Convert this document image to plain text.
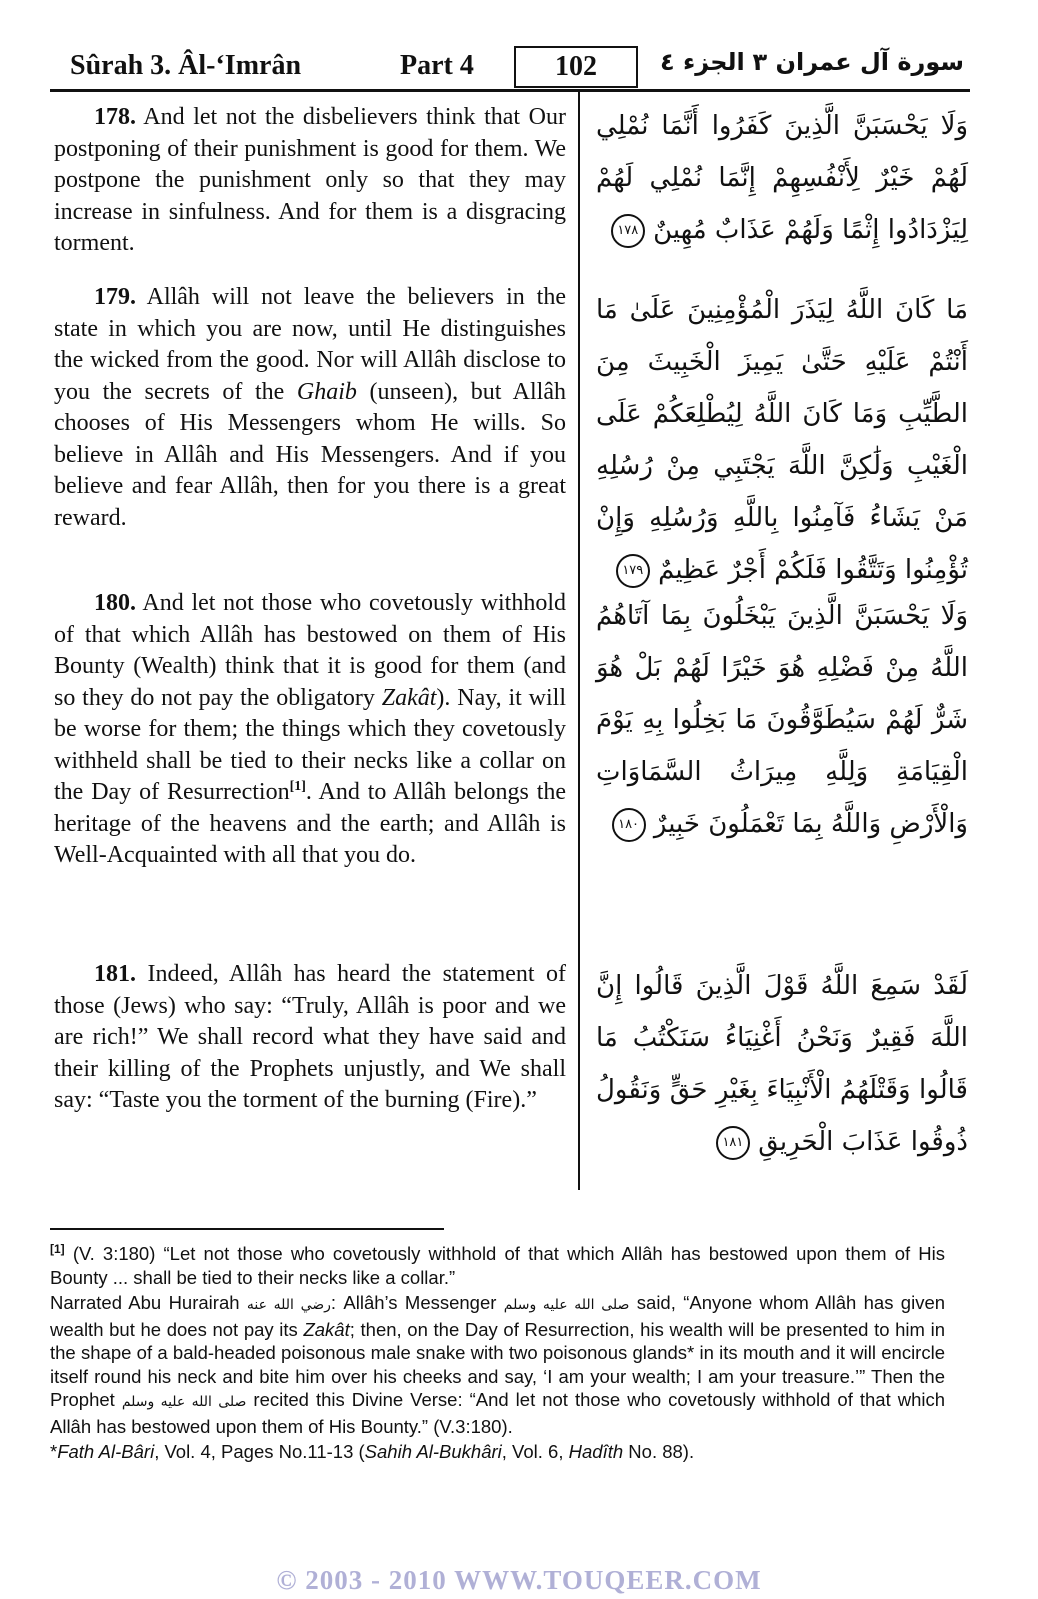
Sûrah 3. Âl-‘Imrân	Part 4	102	الجزء ٤ سورة آل عمران ٣
178. And let not the disbelievers think that Our postponing of their punishment is good for them. We postpone the punishment only so that they may increase in sinfulness. And for them is a disgracing torment.
وَلَا يَحْسَبَنَّ الَّذِينَ كَفَرُوا أَنَّمَا نُمْلِي لَهُمْ خَيْرٌ لِأَنْفُسِهِمْ إِنَّمَا نُمْلِي لَهُمْ لِيَزْدَادُوا إِثْمًا وَلَهُمْ عَذَابٌ مُهِينٌ ١٧٨
179. Allâh will not leave the believers in the state in which you are now, until He distinguishes the wicked from the good. Nor will Allâh disclose to you the secrets of the Ghaib (unseen), but Allâh chooses of His Messengers whom He wills. So believe in Allâh and His Messengers. And if you believe and fear Allâh, then for you there is a great reward.
مَا كَانَ اللَّهُ لِيَذَرَ الْمُؤْمِنِينَ عَلَىٰ مَا أَنْتُمْ عَلَيْهِ حَتَّىٰ يَمِيزَ الْخَبِيثَ مِنَ الطَّيِّبِ وَمَا كَانَ اللَّهُ لِيُطْلِعَكُمْ عَلَى الْغَيْبِ وَلَٰكِنَّ اللَّهَ يَجْتَبِي مِنْ رُسُلِهِ مَنْ يَشَاءُ فَآمِنُوا بِاللَّهِ وَرُسُلِهِ وَإِنْ تُؤْمِنُوا وَتَتَّقُوا فَلَكُمْ أَجْرٌ عَظِيمٌ ١٧٩
180. And let not those who covetously withhold of that which Allâh has bestowed on them of His Bounty (Wealth) think that it is good for them (and so they do not pay the obligatory Zakât). Nay, it will be worse for them; the things which they covetously withheld shall be tied to their necks like a collar on the Day of Resurrection[1]. And to Allâh belongs the heritage of the heavens and the earth; and Allâh is Well-Acquainted with all that you do.
وَلَا يَحْسَبَنَّ الَّذِينَ يَبْخَلُونَ بِمَا آتَاهُمُ اللَّهُ مِنْ فَضْلِهِ هُوَ خَيْرًا لَهُمْ بَلْ هُوَ شَرٌّ لَهُمْ سَيُطَوَّقُونَ مَا بَخِلُوا بِهِ يَوْمَ الْقِيَامَةِ وَلِلَّهِ مِيرَاثُ السَّمَاوَاتِ وَالْأَرْضِ وَاللَّهُ بِمَا تَعْمَلُونَ خَبِيرٌ ١٨٠
181. Indeed, Allâh has heard the statement of those (Jews) who say: “Truly, Allâh is poor and we are rich!” We shall record what they have said and their killing of the Prophets unjustly, and We shall say: “Taste you the torment of the burning (Fire).”
لَقَدْ سَمِعَ اللَّهُ قَوْلَ الَّذِينَ قَالُوا إِنَّ اللَّهَ فَقِيرٌ وَنَحْنُ أَغْنِيَاءُ سَنَكْتُبُ مَا قَالُوا وَقَتْلَهُمُ الْأَنْبِيَاءَ بِغَيْرِ حَقٍّ وَنَقُولُ ذُوقُوا عَذَابَ الْحَرِيقِ ١٨١

[1] (V. 3:180) “Let not those who covetously withhold of that which Allâh has bestowed upon them of His Bounty ... shall be tied to their necks like a collar.”

Narrated Abu Hurairah رضي الله عنه: Allâh’s Messenger صلى الله عليه وسلم said, “Anyone whom Allâh has given wealth but he does not pay its Zakât; then, on the Day of Resurrection, his wealth will be presented to him in the shape of a bald-headed poisonous male snake with two poisonous glands* in its mouth and it will encircle itself round his neck and bite him over his cheeks and say, ‘I am your wealth; I am your treasure.’” Then the Prophet صلى الله عليه وسلم recited this Divine Verse: “And let not those who covetously withhold of that which Allâh has bestowed upon them of His Bounty.” (V.3:180).

*Fath Al-Bâri, Vol. 4, Pages No.11-13 (Sahih Al-Bukhâri, Vol. 6, Hadîth No. 88).

© 2003 - 2010 WWW.TOUQEER.COM
